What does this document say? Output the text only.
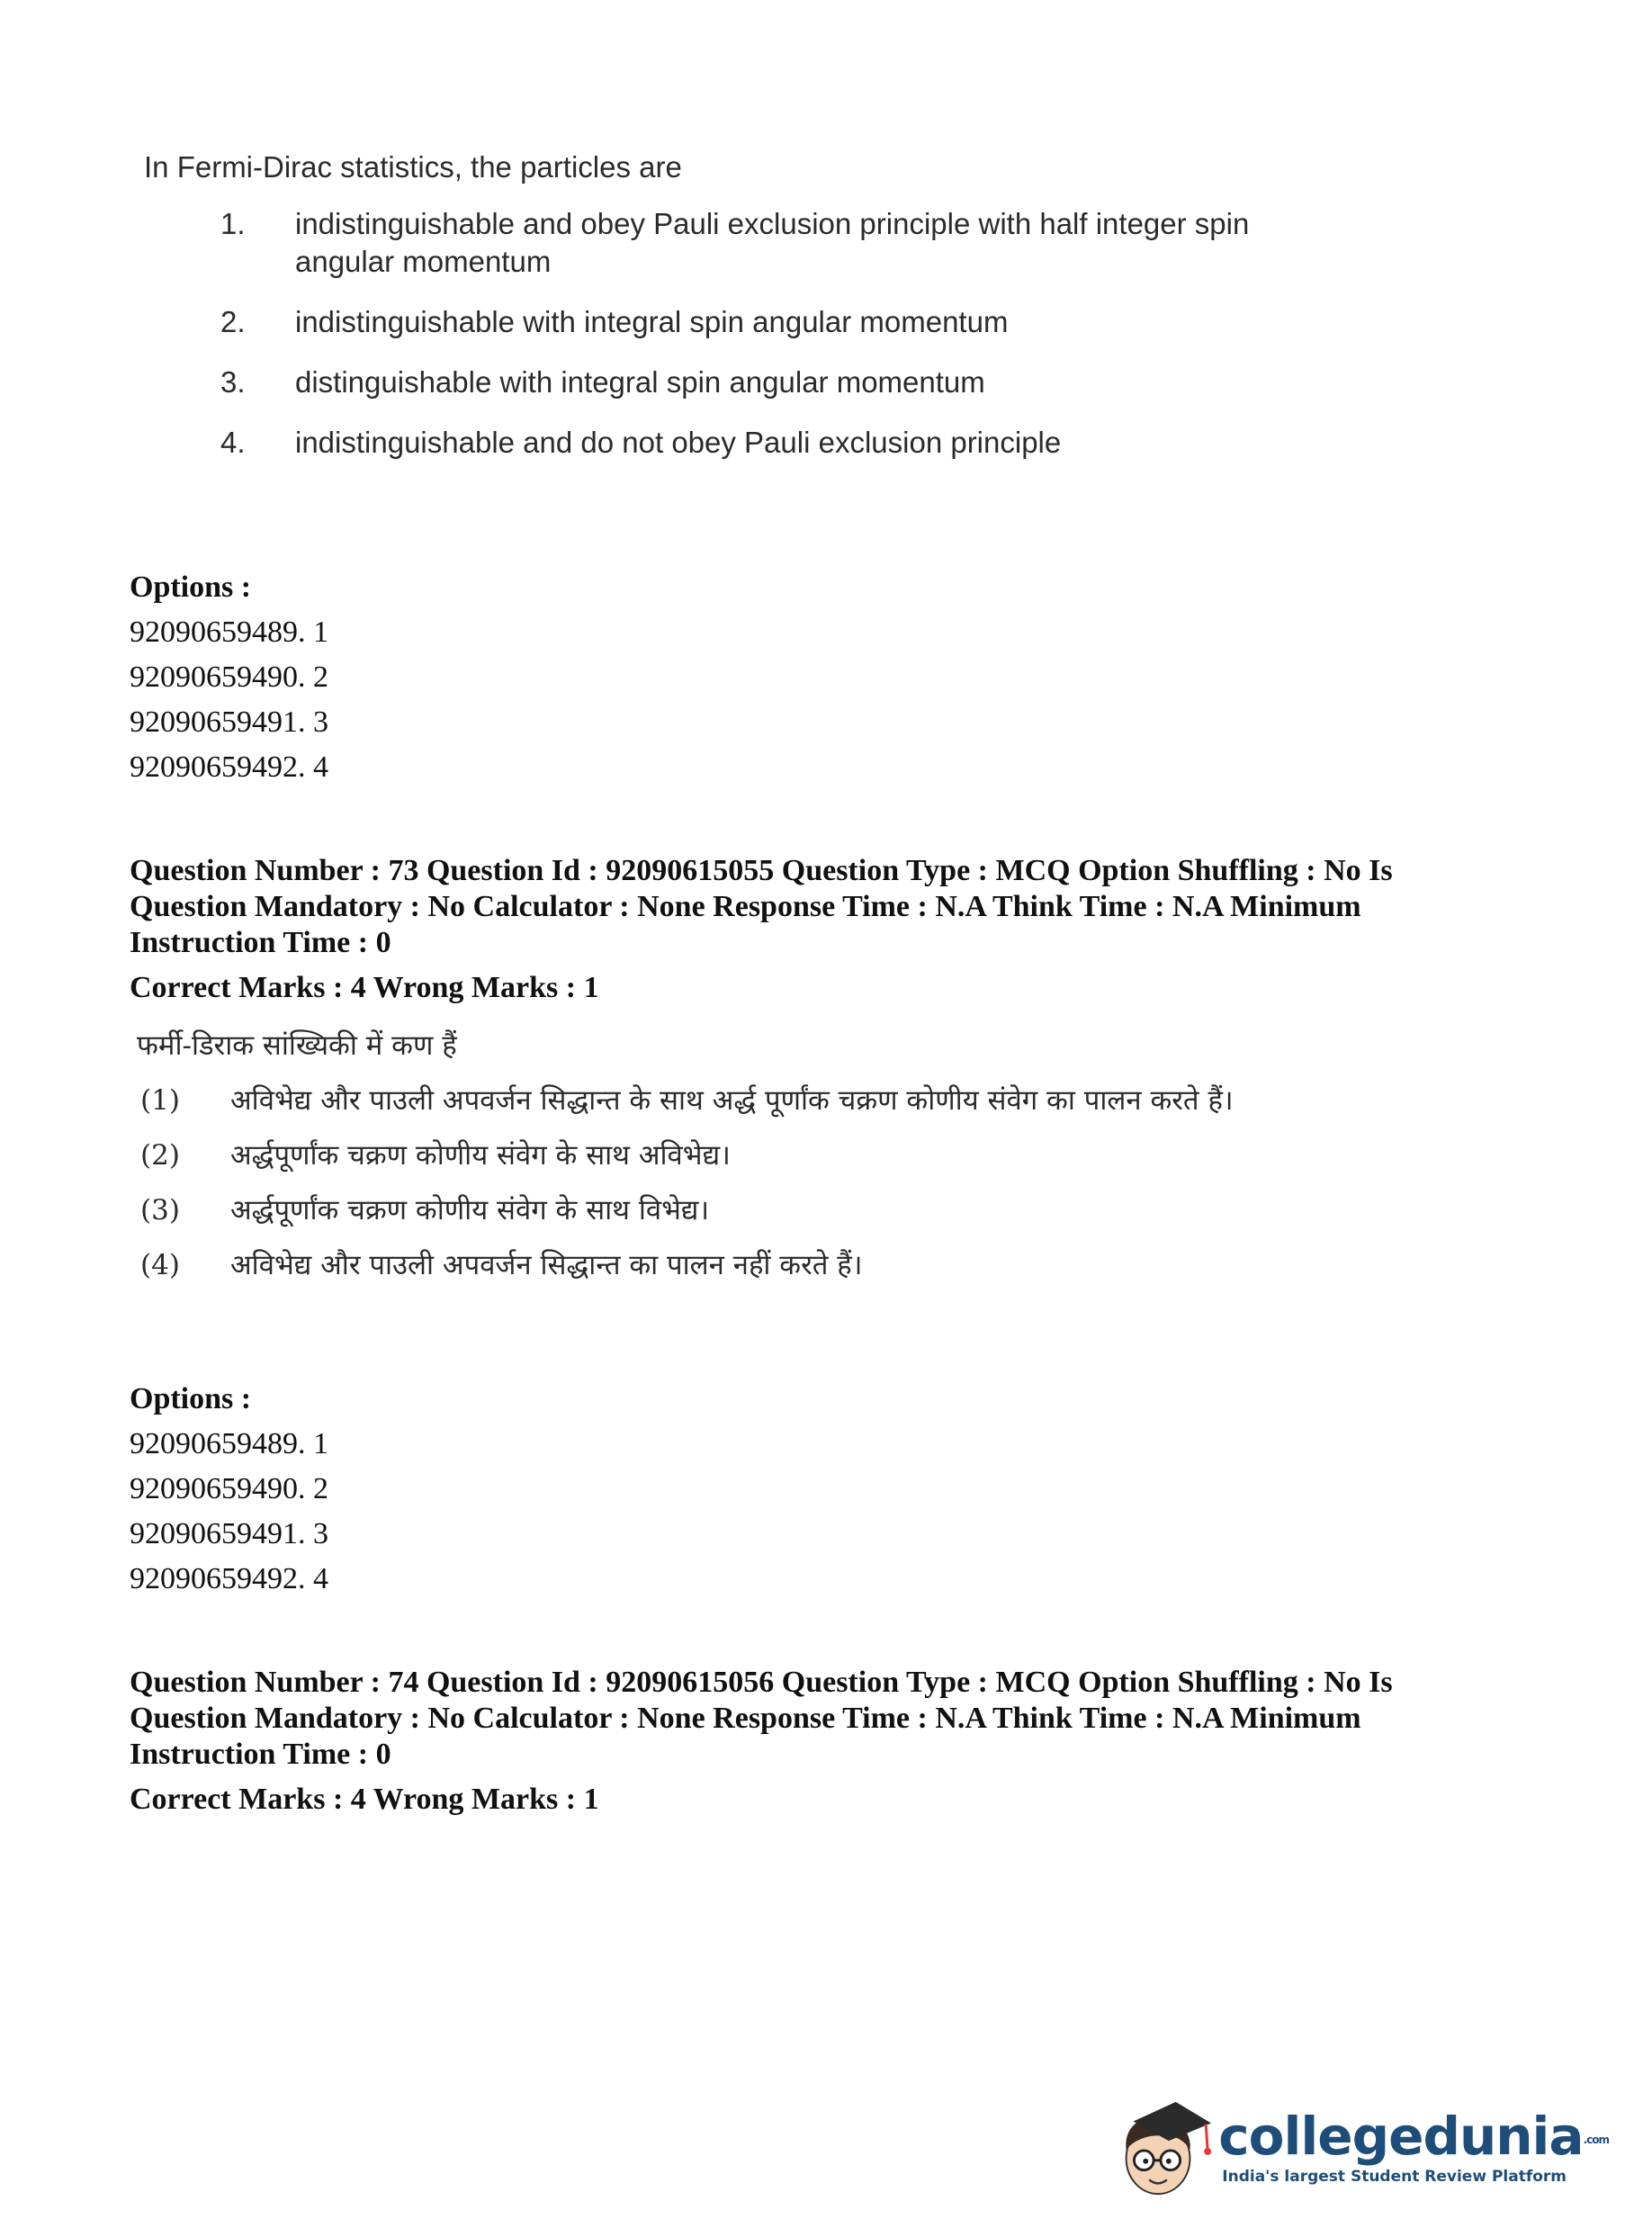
In Fermi-Dirac statistics, the particles are
1.	indistinguishable and obey Pauli exclusion principle with half integer spin angular momentum
2.	indistinguishable with integral spin angular momentum
3.	distinguishable with integral spin angular momentum
4.	indistinguishable and do not obey Pauli exclusion principle
Options :
92090659489. 1
92090659490. 2
92090659491. 3
92090659492. 4
Question Number : 73 Question Id : 92090615055 Question Type : MCQ Option Shuffling : No Is
Question Mandatory : No Calculator : None Response Time : N.A Think Time : N.A Minimum
Instruction Time : 0
Correct Marks : 4 Wrong Marks : 1
फर्मी-डिराक सांख्यिकी में कण हैं
(1)	अविभेद्य और पाउली अपवर्जन सिद्धान्त के साथ अर्द्ध पूर्णांक चक्रण कोणीय संवेग का पालन करते हैं।
(2)	अर्द्धपूर्णांक चक्रण कोणीय संवेग के साथ अविभेद्य।
(3)	अर्द्धपूर्णांक चक्रण कोणीय संवेग के साथ विभेद्य।
(4)	अविभेद्य और पाउली अपवर्जन सिद्धान्त का पालन नहीं करते हैं।
Options :
92090659489. 1
92090659490. 2
92090659491. 3
92090659492. 4
Question Number : 74 Question Id : 92090615056 Question Type : MCQ Option Shuffling : No Is
Question Mandatory : No Calculator : None Response Time : N.A Think Time : N.A Minimum
Instruction Time : 0
Correct Marks : 4 Wrong Marks : 1
collegedunia.com
India's largest Student Review Platform
